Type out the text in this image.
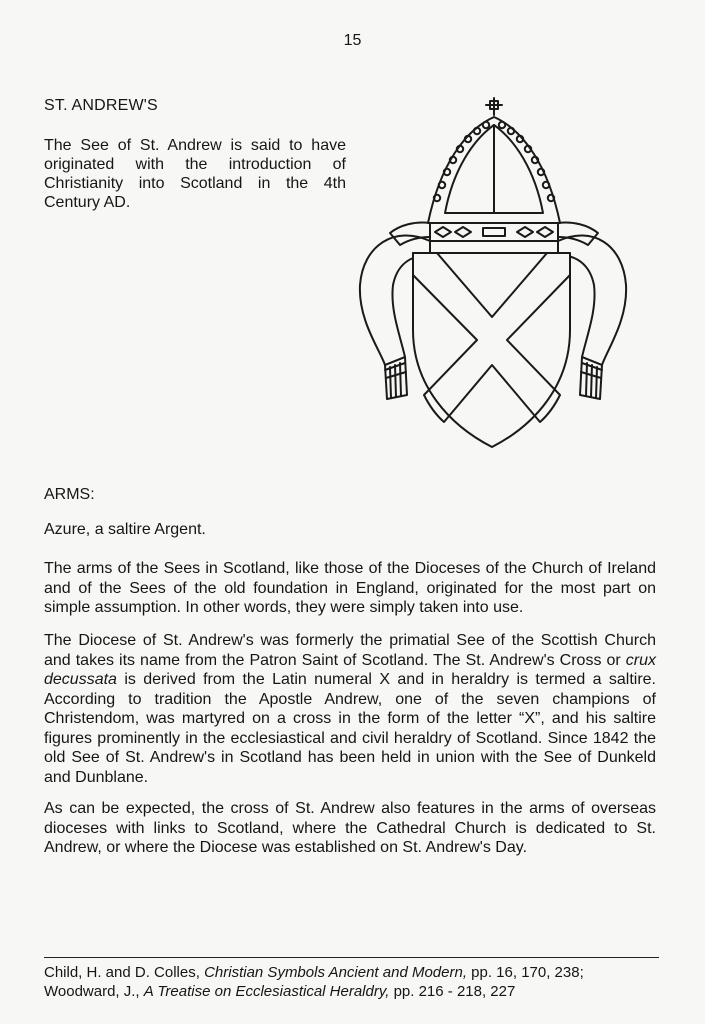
15
ST. ANDREW'S

The See of St. Andrew is said to have originated with the introduction of Christianity into Scotland in the 4th Century AD.

ARMS:

Azure, a saltire Argent.

The arms of the Sees in Scotland, like those of the Dioceses of the Church of Ireland and of the Sees of the old foundation in England, originated for the most part on simple assumption. In other words, they were simply taken into use.

The Diocese of St. Andrew's was formerly the primatial See of the Scottish Church and takes its name from the Patron Saint of Scotland. The St. Andrew's Cross or crux decussata is derived from the Latin numeral X and in heraldry is termed a saltire. According to tradition the Apostle Andrew, one of the seven champions of Christendom, was martyred on a cross in the form of the letter “X”, and his saltire figures prominently in the ecclesiastical and civil heraldry of Scotland. Since 1842 the old See of St. Andrew's in Scotland has been held in union with the See of Dunkeld and Dunblane.

As can be expected, the cross of St. Andrew also features in the arms of overseas dioceses with links to Scotland, where the Cathedral Church is dedicated to St. Andrew, or where the Diocese was established on St. Andrew's Day.

Child, H. and D. Colles, Christian Symbols Ancient and Modern, pp. 16, 170, 238;
Woodward, J., A Treatise on Ecclesiastical Heraldry, pp. 216 - 218, 227
